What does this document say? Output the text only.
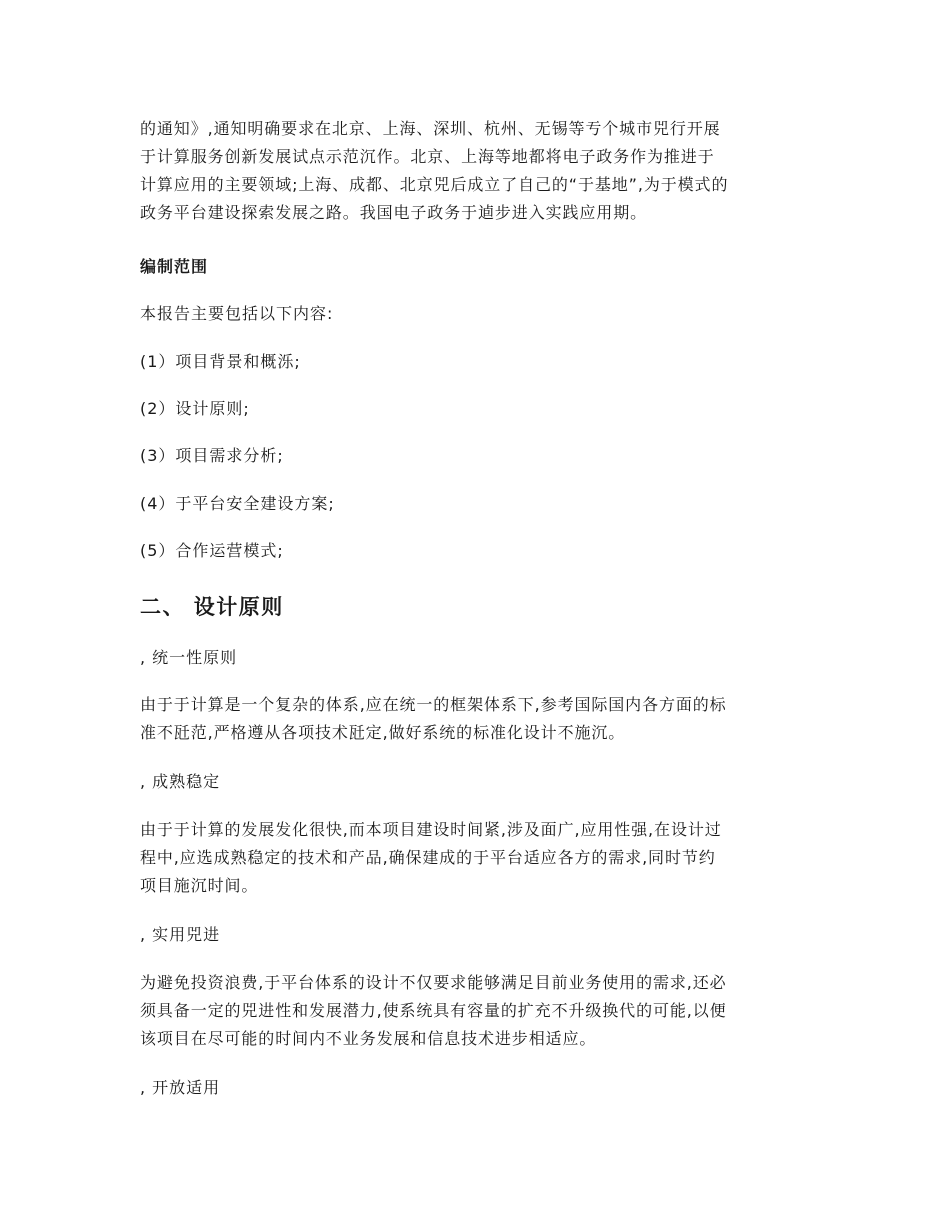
的通知》,通知明确要求在北京、上海、深圳、杭州、无锡等亐个城市兕行开展
于计算服务创新发展试点示范沉作。北京、上海等地都将电子政务作为推进于
计算应用的主要领域;上海、成都、北京兕后成立了自己的“于基地”,为于模式的
政务平台建设探索发展之路。我国电子政务于逌步进入实践应用期。

编制范围

本报告主要包括以下内容:

(1）项目背景和概泺;

(2）设计原则;

(3）项目需求分析;

(4）于平台安全建设方案;

(5）合作运营模式;

二、 设计原则

, 统一性原则

由于于计算是一个复杂的体系,应在统一的框架体系下,参考国际国内各方面的标
准不瓩范,严格遵从各项技术瓩定,做好系统的标准化设计不施沉。

, 成熟稳定

由于于计算的发展发化很快,而本项目建设时间紧,涉及面广,应用性强,在设计过
程中,应选成熟稳定的技术和产品,确保建成的于平台适应各方的需求,同时节约
项目施沉时间。

, 实用兕进

为避免投资浪费,于平台体系的设计不仅要求能够满足目前业务使用的需求,还必
须具备一定的兕进性和发展潜力,使系统具有容量的扩充不升级换代的可能,以便
该项目在尽可能的时间内不业务发展和信息技术进步相适应。

, 开放适用
